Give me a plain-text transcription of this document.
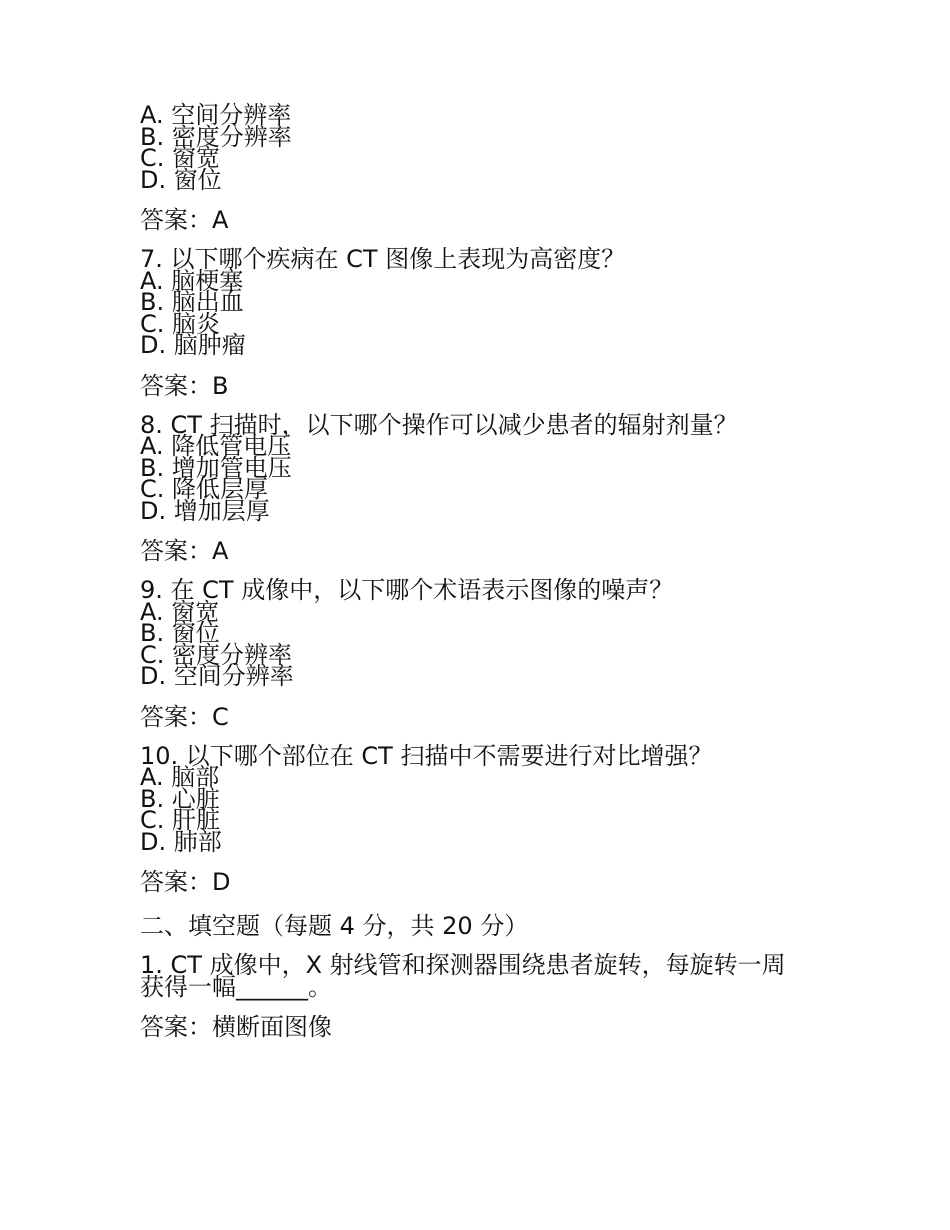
A. 空间分辨率
B. 密度分辨率
C. 窗宽
D. 窗位
答案：A
7. 以下哪个疾病在 CT 图像上表现为高密度？
A. 脑梗塞
B. 脑出血
C. 脑炎
D. 脑肿瘤
答案：B
8. CT 扫描时，以下哪个操作可以减少患者的辐射剂量？
A. 降低管电压
B. 增加管电压
C. 降低层厚
D. 增加层厚
答案：A
9. 在 CT 成像中，以下哪个术语表示图像的噪声？
A. 窗宽
B. 窗位
C. 密度分辨率
D. 空间分辨率
答案：C
10. 以下哪个部位在 CT 扫描中不需要进行对比增强？
A. 脑部
B. 心脏
C. 肝脏
D. 肺部
答案：D
二、填空题（每题 4 分，共 20 分）
1. CT 成像中，X 射线管和探测器围绕患者旋转，每旋转一周
获得一幅______。
答案：横断面图像
